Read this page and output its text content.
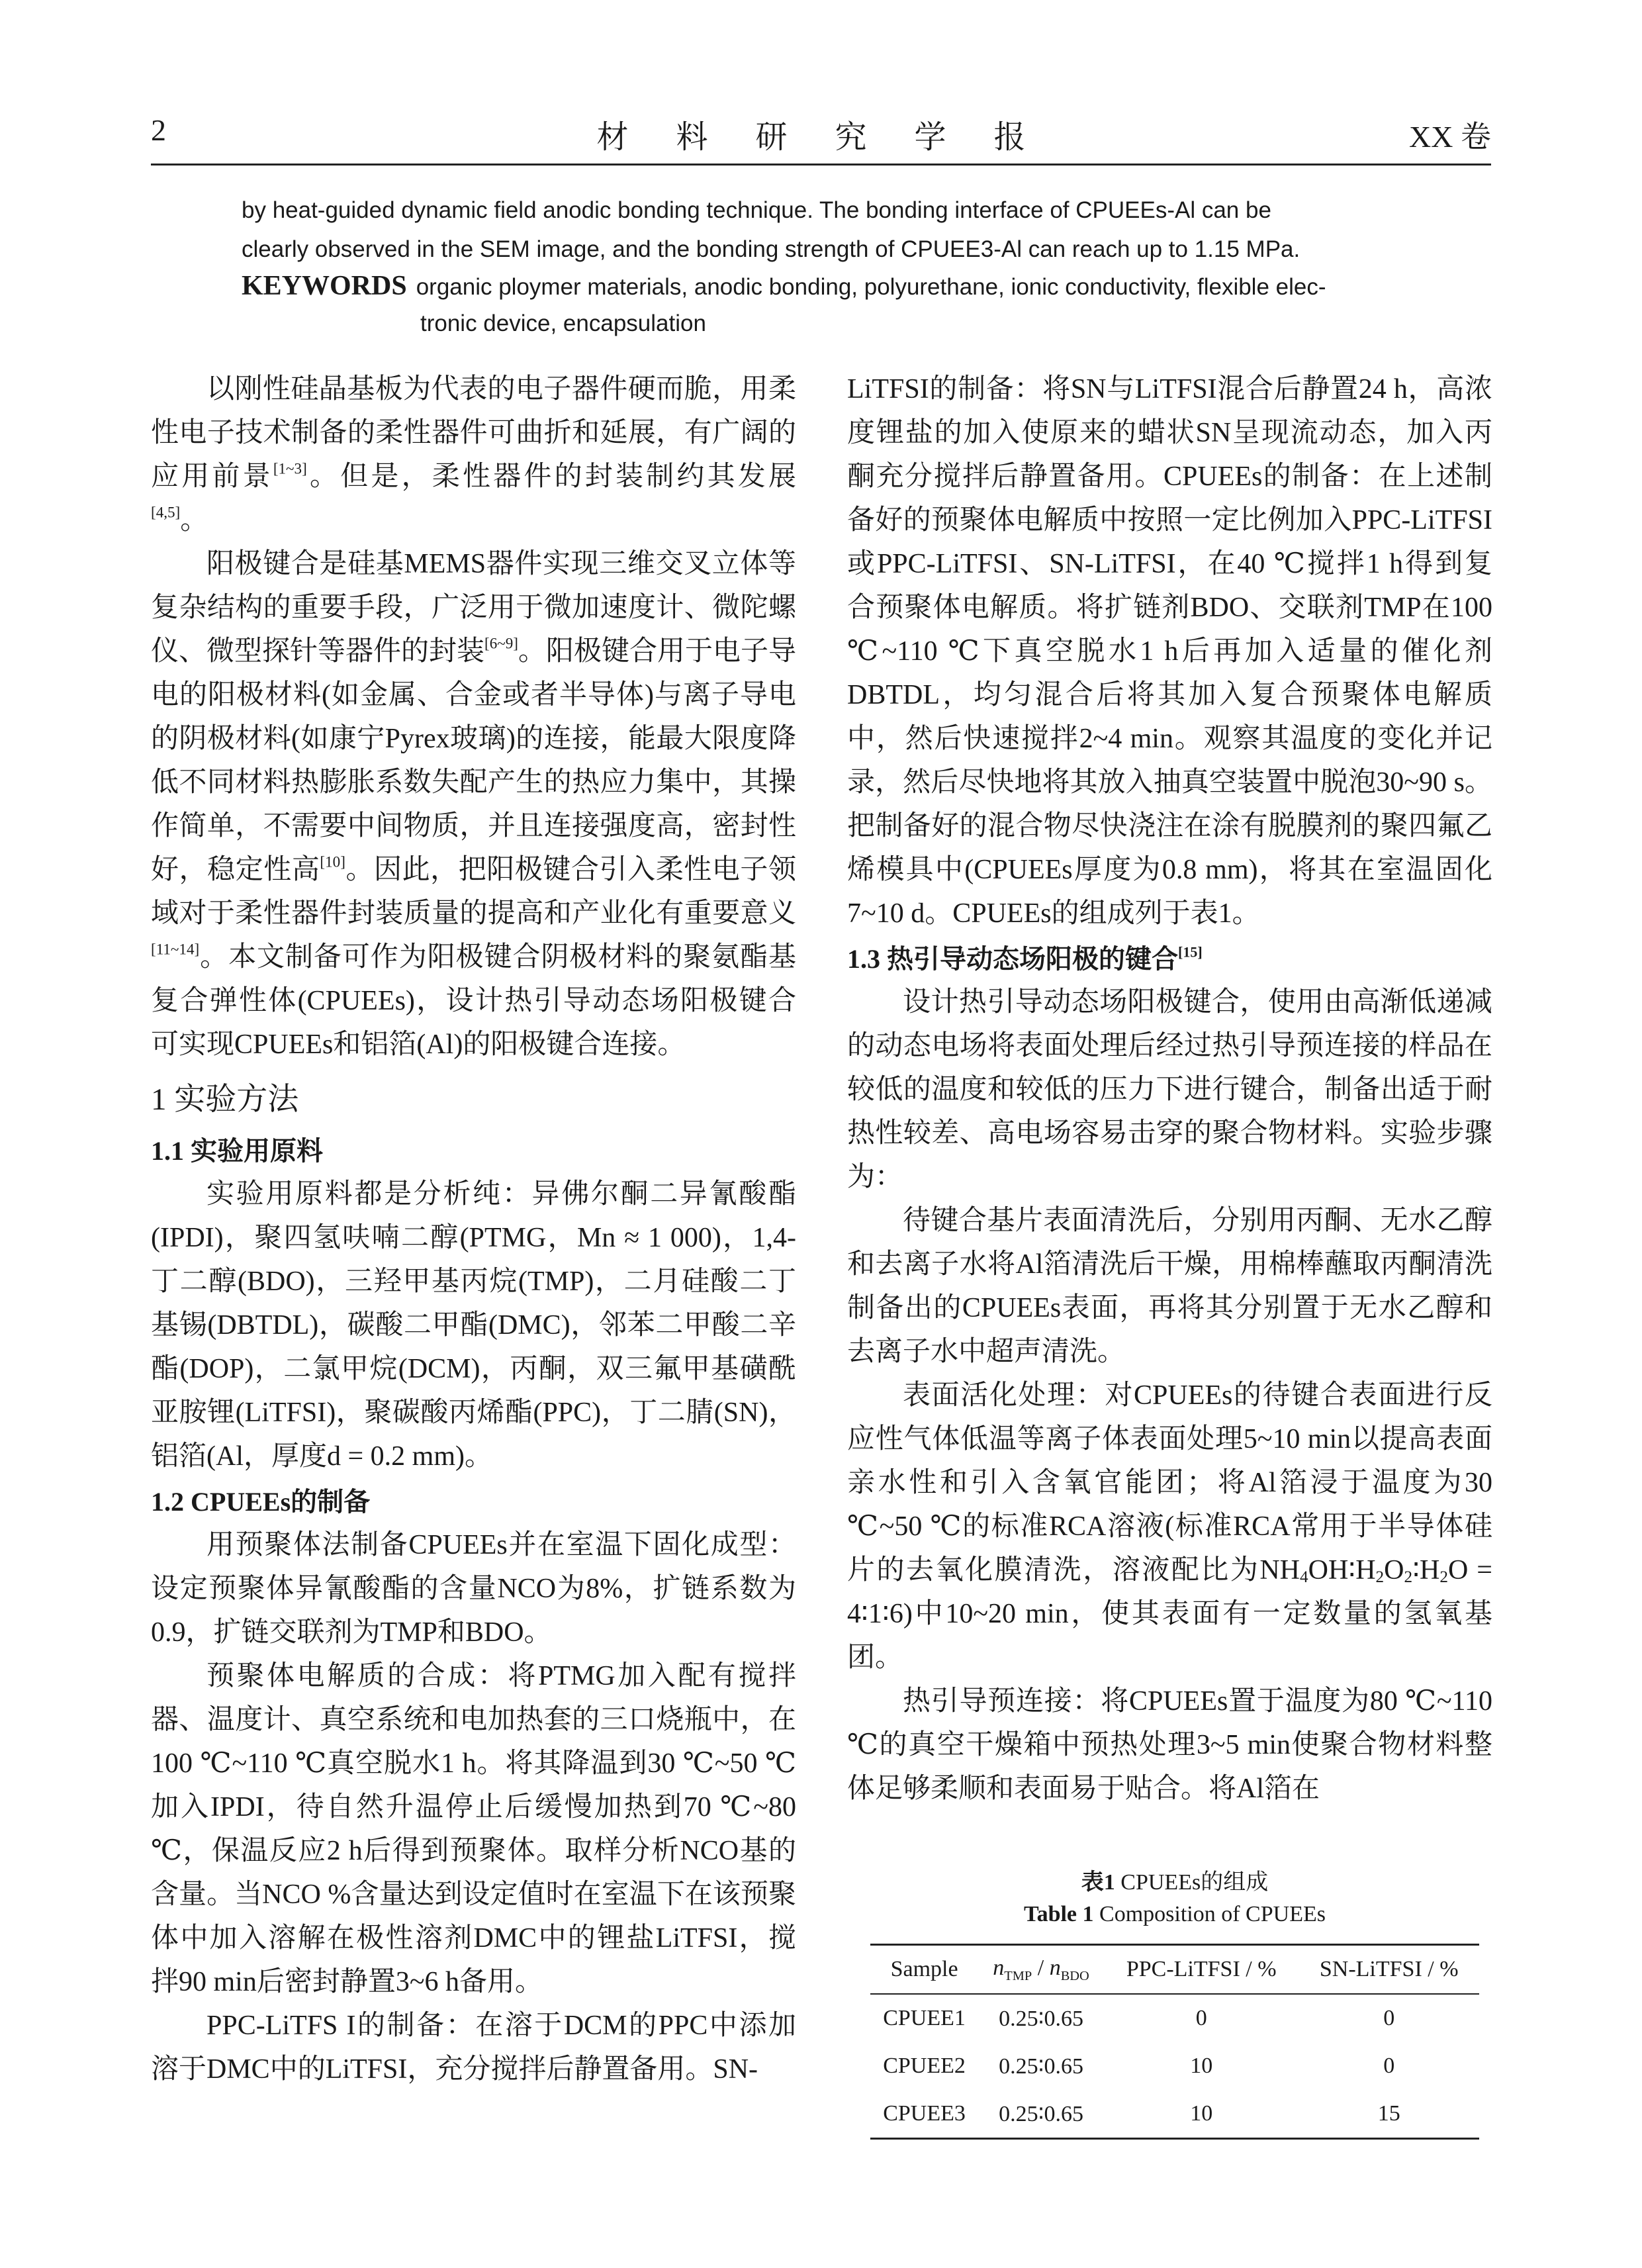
2	材 料 研 究 学 报	XX 卷

by heat-guided dynamic field anodic bonding technique. The bonding interface of CPUEEs-Al can be

clearly observed in the SEM image, and the bonding strength of CPUEE3-Al can reach up to 1.15 MPa.

KEYWORDS organic ploymer materials, anodic bonding, polyurethane, ionic conductivity, flexible elec-
tronic device, encapsulation

以刚性硅晶基板为代表的电子器件硬而脆，用柔性电子技术制备的柔性器件可曲折和延展，有广阔的应用前景[1~3]。但是，柔性器件的封装制约其发展[4,5]。

阳极键合是硅基MEMS器件实现三维交叉立体等复杂结构的重要手段，广泛用于微加速度计、微陀螺仪、微型探针等器件的封装[6~9]。阳极键合用于电子导电的阳极材料(如金属、合金或者半导体)与离子导电的阴极材料(如康宁Pyrex玻璃)的连接，能最大限度降低不同材料热膨胀系数失配产生的热应力集中，其操作简单，不需要中间物质，并且连接强度高，密封性好，稳定性高[10]。因此，把阳极键合引入柔性电子领域对于柔性器件封装质量的提高和产业化有重要意义[11~14]。本文制备可作为阳极键合阴极材料的聚氨酯基复合弹性体(CPUEEs)，设计热引导动态场阳极键合可实现CPUEEs和铝箔(Al)的阳极键合连接。

1 实验方法
1.1 实验用原料

实验用原料都是分析纯：异佛尔酮二异氰酸酯(IPDI)，聚四氢呋喃二醇(PTMG，Mn ≈ 1 000)，1,4-丁二醇(BDO)，三羟甲基丙烷(TMP)，二月硅酸二丁基锡(DBTDL)，碳酸二甲酯(DMC)，邻苯二甲酸二辛酯(DOP)，二氯甲烷(DCM)，丙酮，双三氟甲基磺酰亚胺锂(LiTFSI)，聚碳酸丙烯酯(PPC)，丁二腈(SN)，铝箔(Al，厚度d = 0.2 mm)。

1.2 CPUEEs的制备

用预聚体法制备CPUEEs并在室温下固化成型：设定预聚体异氰酸酯的含量NCO为8%，扩链系数为0.9，扩链交联剂为TMP和BDO。

预聚体电解质的合成：将PTMG加入配有搅拌器、温度计、真空系统和电加热套的三口烧瓶中，在100 ℃~110 ℃真空脱水1 h。将其降温到30 ℃~50 ℃加入IPDI，待自然升温停止后缓慢加热到70 ℃~80 ℃，保温反应2 h后得到预聚体。取样分析NCO基的含量。当NCO %含量达到设定值时在室温下在该预聚体中加入溶解在极性溶剂DMC中的锂盐LiTFSI，搅拌90 min后密封静置3~6 h备用。

PPC-LiTFS I的制备：在溶于DCM的PPC中添加溶于DMC中的LiTFSI，充分搅拌后静置备用。SN-

LiTFSI的制备：将SN与LiTFSI混合后静置24 h，高浓度锂盐的加入使原来的蜡状SN呈现流动态，加入丙酮充分搅拌后静置备用。CPUEEs的制备：在上述制备好的预聚体电解质中按照一定比例加入PPC-LiTFSI或PPC-LiTFSI、SN-LiTFSI，在40 ℃搅拌1 h得到复合预聚体电解质。将扩链剂BDO、交联剂TMP在100 ℃~110 ℃下真空脱水1 h后再加入适量的催化剂DBTDL，均匀混合后将其加入复合预聚体电解质中，然后快速搅拌2~4 min。观察其温度的变化并记录，然后尽快地将其放入抽真空装置中脱泡30~90 s。把制备好的混合物尽快浇注在涂有脱膜剂的聚四氟乙烯模具中(CPUEEs厚度为0.8 mm)，将其在室温固化7~10 d。CPUEEs的组成列于表1。

1.3 热引导动态场阳极的键合[15]

设计热引导动态场阳极键合，使用由高渐低递减的动态电场将表面处理后经过热引导预连接的样品在较低的温度和较低的压力下进行键合，制备出适于耐热性较差、高电场容易击穿的聚合物材料。实验步骤为：

待键合基片表面清洗后，分别用丙酮、无水乙醇和去离子水将Al箔清洗后干燥，用棉棒蘸取丙酮清洗制备出的CPUEEs表面，再将其分别置于无水乙醇和去离子水中超声清洗。

表面活化处理：对CPUEEs的待键合表面进行反应性气体低温等离子体表面处理5~10 min以提高表面亲水性和引入含氧官能团；将Al箔浸于温度为30 ℃~50 ℃的标准RCA溶液(标准RCA常用于半导体硅片的去氧化膜清洗，溶液配比为$NH_4OH∶H_2O_2∶H_2O$ = 4∶1∶6)中10~20 min，使其表面有一定数量的氢氧基团。

热引导预连接：将CPUEEs置于温度为80 ℃~110 ℃的真空干燥箱中预热处理3~5 min使聚合物材料整体足够柔顺和表面易于贴合。将Al箔在

表1 CPUEEs的组成
Table 1 Composition of CPUEEs
Sample	$n_{TMP} / n_{BDO}$	PPC-LiTFSI / %	SN-LiTFSI / %
CPUEE1	0.25∶0.65	0	0
CPUEE2	0.25∶0.65	10	0
CPUEE3	0.25∶0.65	10	15
